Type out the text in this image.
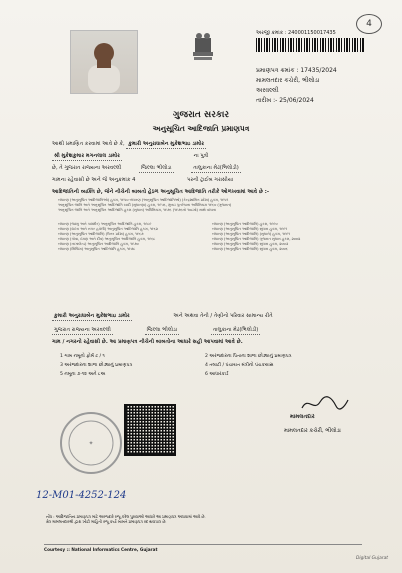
4
અરજી ક્રમાંક : 240001150017435
પ્રમાણપત્ર ક્રમાંક : 17435/2024
મામલતદાર કચેરી, ભીલોડા
અરવલ્લી
તારીખ :- 25/06/2024
ગુજરાત સરકાર
અનુસૂચિત આદિજાતિ પ્રમાણપત્ર
આથી પ્રમાણિત કરવામાં આવે છે કે, કુમારી અનુરાધાબેન મુકેશભાઇ ડામોર
શ્રી મુકેશકુમાર મગનલાલ ડામોર	ના પુત્રી
છે, તે ગુજરાત રાજ્યના અરવલ્લી	જિલ્લા ભીલોડા	તાલુકાના મેઢ(ભિલોડી)
ગામના રહેવાસી છે અને જે અનુક્રમાંક 4	પરની ટ્રાઈબ ગરાસીયા
આદિજાતિની વ્યક્તિ છે, જેને નીચેની બાબતો હેઠળ અનુસૂચિત આદિજાતિ તરીકે ઓળખવામાં આવે છે :-
બંધારણ (અનુસૂચિત આદિજાતિઓ) હુકમ, ૧૯૫૦ બંધારણ (અનુસૂચિત આદિજાતિઓ) (કેન્દ્રશાસિત પ્રદેશ) હુકમ, ૧૯૫૧
અનુસૂચિત જાતિ અને અનુસૂચિત આદિજાતિ યાદી (સુધારણા) હુકમ, ૧૯૫૬, મુંબઇ પુનર્રચના અધિનિયમ ૧૯૬૦ (ગુજરાત)
અનુસૂચિત જાતિ અને અનુસૂચિત આદિજાતિ હુકમ (સુધારા) અધિનિયમ, ૧૯૭૬ (૧૯૭૬નો ૧૦૮મો) સાથે વાંચતા
બંધારણ (જમ્મુ અને કાશ્મીર) અનુસૂચિત આદિજાતિ હુકમ, ૧૯૮૯
બંધારણ (દાદરા અને નગર હવેલી) અનુસૂચિત આદિજાતિ હુકમ, ૧૯૬૨
બંધારણ (અનુસૂચિત આદિજાતિ) (ઉત્તર પ્રદેશ) હુકમ, ૧૯૬૭
બંધારણ (ગોવા, દમણ અને દીવ) અનુસૂચિત આદિજાતિ હુકમ, ૧૯૬૮
બંધારણ (નાગાલેન્ડ) અનુસૂચિત આદિજાતિ હુકમ, ૧૯૭૦
બંધારણ (સિક્કિમ) અનુસૂચિત આદિજાતિ હુકમ, ૧૯૭૮
બંધારણ (અનુસૂચિત આદિજાતિ) હુકમ, ૧૯૯૦
બંધારણ (અનુસૂચિત આદિજાતિ) સુધારા હુકમ, ૧૯૯૧
બંધારણ (અનુસૂચિત આદિજાતિ) (સુધારો) હુકમ, ૧૯૯૧
બંધારણ (અનુસૂચિત આદિજાતિ) ગુજરાત સુધારા હુકમ, ૨૦૦૨
બંધારણ (અનુસૂચિત આદિજાતિ) સુધારા હુકમ, ૨૦૦૩
બંધારણ (અનુસૂચિત આદિજાતિ) સુધારા હુકમ, ૨૦૦૬
કુમારી અનુરાધાબેન મુકેશભાઇ ડામોર	અને અથવા તેની / તેણીનો પરિવાર સામાન્ય રીતે
ગુજરાત રાજ્યના અરવલ્લી	જિલ્લા ભીલોડા	તાલુકાના મેઢ(ભિલોડી)
ગામ / નગરનો રહેવાસી છે. આ પ્રમાણપત્ર નીચેની બાબતોના આધારે સહી આપવામાં આવે છે.
1 ગામ નમૂનો ફોર્મ ટ / ૧	2 અરજદારના પિતાના શાળા છોડ્યાનું પ્રમાણપત્ર
3 અરજદારના શાળા છોડ્યાનું પ્રમાણપત્ર	4 તલાટી / પંચાયત મંત્રીનો પંચકયાસ
5 નમૂના ૭-૧૨ અને ૮અ	6 આધારકાર્ડ
✦
મામલતદાર
મામલતદાર કચેરી, ભીલોડા
12-M01-4252-124
નોંધ : આદિજાતિના પ્રમાણપત્ર માટે અરજદારે રજૂ કરેલ પુરાવાઓ આધારે આ પ્રમાણપત્ર આપવામાં આવે છે.
ક્ષેત્ર મામલતદારશ્રી દ્વારા ખોટી માહિતી રજૂ કર્યા બાબતે પ્રમાણપત્ર રદ થવાપાત્ર છે.
Courtesy :: National Informatics Centre, Gujarat
Digital Gujarat
